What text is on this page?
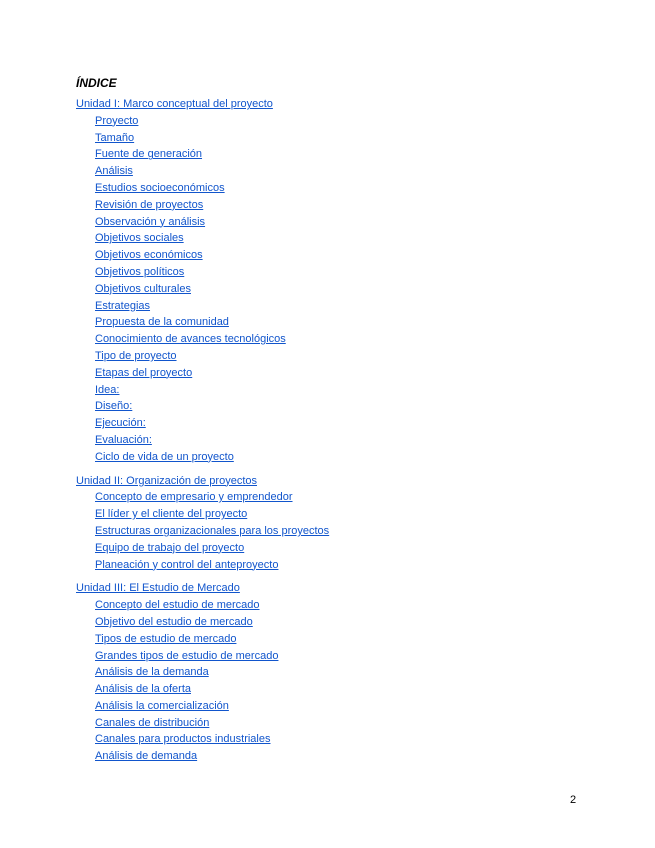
ÍNDICE
Unidad I: Marco conceptual del proyecto
Proyecto
Tamaño
Fuente de generación
Análisis
Estudios socioeconómicos
Revisión de proyectos
Observación y análisis
Objetivos sociales
Objetivos económicos
Objetivos políticos
Objetivos culturales
Estrategias
Propuesta de la comunidad
Conocimiento de avances tecnológicos
Tipo de proyecto
Etapas del proyecto
Idea:
Diseño:
Ejecución:
Evaluación:
Ciclo de vida de un proyecto
Unidad II: Organización de proyectos
Concepto de empresario y emprendedor
El líder y el cliente del proyecto
Estructuras organizacionales para los proyectos
Equipo de trabajo del proyecto
Planeación y control del anteproyecto
Unidad III: El Estudio de Mercado
Concepto del estudio de mercado
Objetivo del estudio de mercado
Tipos de estudio de mercado
Grandes tipos de estudio de mercado
Análisis de la demanda
Análisis de la oferta
Análisis la comercialización
Canales de distribución
Canales para productos industriales
Análisis de demanda
2
